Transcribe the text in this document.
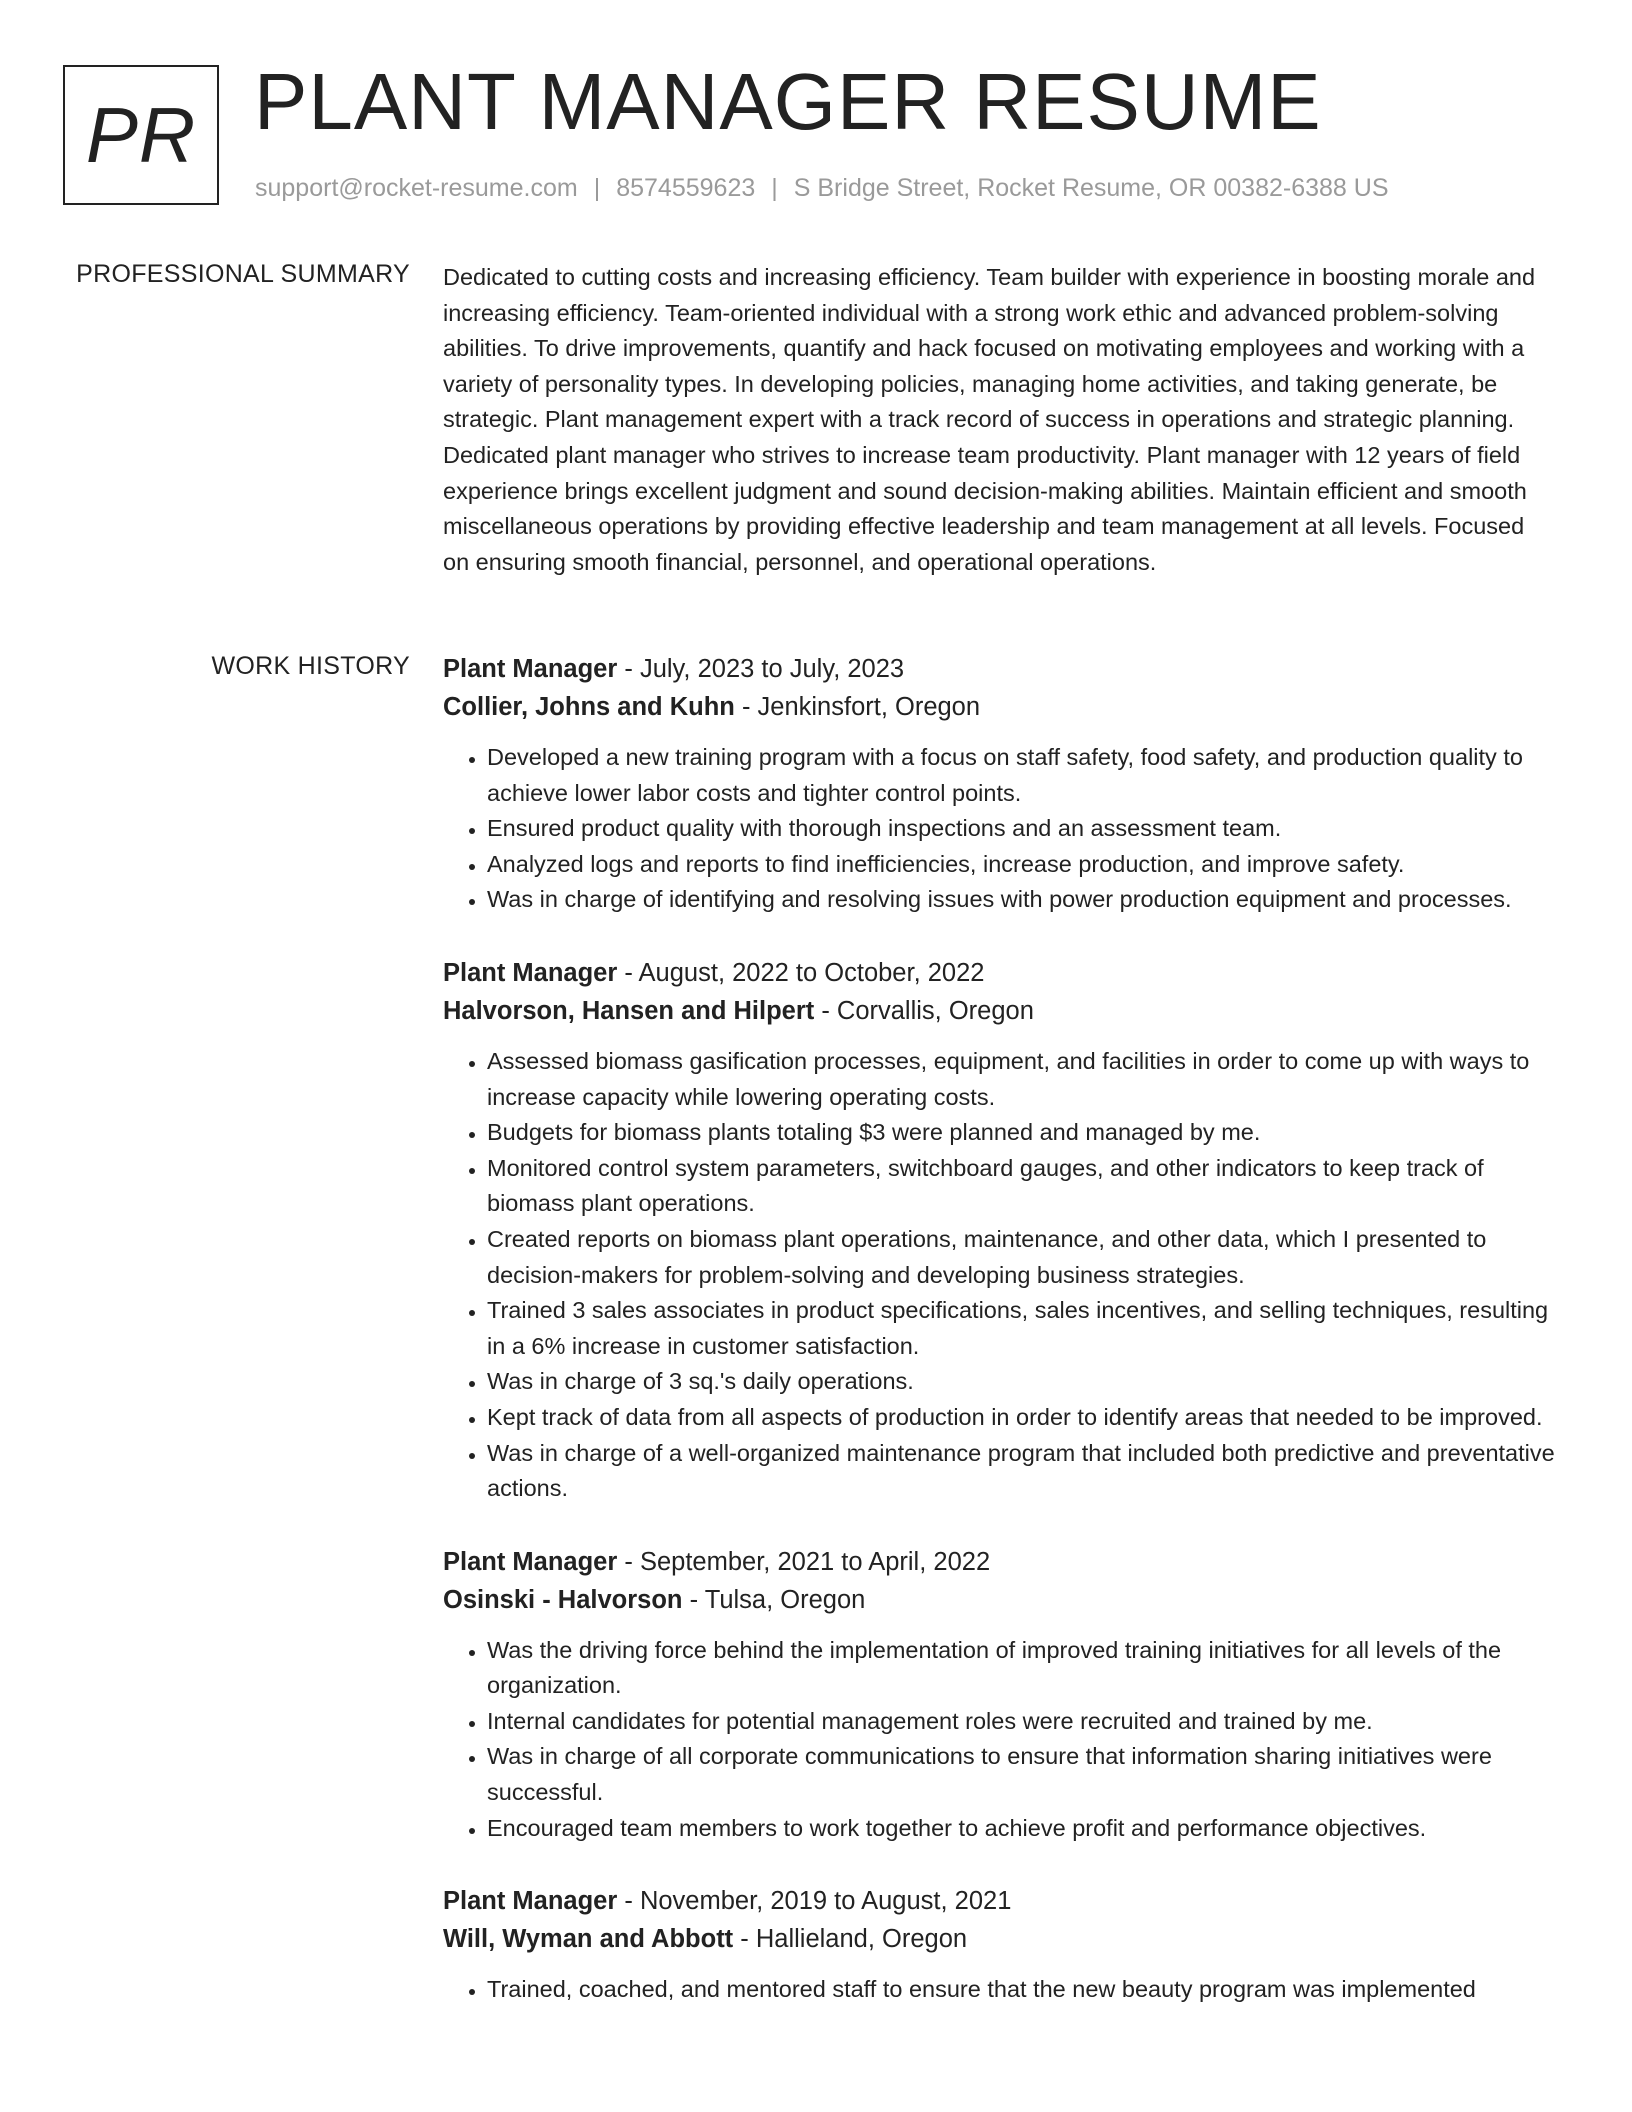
PR PLANT MANAGER RESUME
support@rocket-resume.com | 8574559623 | S Bridge Street, Rocket Resume, OR 00382-6388 US
PROFESSIONAL SUMMARY Dedicated to cutting costs and increasing efficiency. Team builder with experience in boosting morale and increasing efficiency. Team-oriented individual with a strong work ethic and advanced problem-solving abilities. To drive improvements, quantify and hack focused on motivating employees and working with a variety of personality types. In developing policies, managing home activities, and taking generate, be strategic. Plant management expert with a track record of success in operations and strategic planning. Dedicated plant manager who strives to increase team productivity. Plant manager with 12 years of field experience brings excellent judgment and sound decision-making abilities. Maintain efficient and smooth miscellaneous operations by providing effective leadership and team management at all levels. Focused on ensuring smooth financial, personnel, and operational operations.

WORK HISTORY Plant Manager - July, 2023 to July, 2023
Collier, Johns and Kuhn - Jenkinsfort, Oregon
• Developed a new training program with a focus on staff safety, food safety, and production quality to achieve lower labor costs and tighter control points.
• Ensured product quality with thorough inspections and an assessment team.
• Analyzed logs and reports to find inefficiencies, increase production, and improve safety.
• Was in charge of identifying and resolving issues with power production equipment and processes.
Plant Manager - August, 2022 to October, 2022
Halvorson, Hansen and Hilpert - Corvallis, Oregon
• Assessed biomass gasification processes, equipment, and facilities in order to come up with ways to increase capacity while lowering operating costs.
• Budgets for biomass plants totaling $3 were planned and managed by me.
• Monitored control system parameters, switchboard gauges, and other indicators to keep track of biomass plant operations.
• Created reports on biomass plant operations, maintenance, and other data, which I presented to decision-makers for problem-solving and developing business strategies.
• Trained 3 sales associates in product specifications, sales incentives, and selling techniques, resulting in a 6% increase in customer satisfaction.
• Was in charge of 3 sq.'s daily operations.
• Kept track of data from all aspects of production in order to identify areas that needed to be improved.
• Was in charge of a well-organized maintenance program that included both predictive and preventative actions.
Plant Manager - September, 2021 to April, 2022
Osinski - Halvorson - Tulsa, Oregon
• Was the driving force behind the implementation of improved training initiatives for all levels of the organization.
• Internal candidates for potential management roles were recruited and trained by me.
• Was in charge of all corporate communications to ensure that information sharing initiatives were successful.
• Encouraged team members to work together to achieve profit and performance objectives.
Plant Manager - November, 2019 to August, 2021
Will, Wyman and Abbott - Hallieland, Oregon
• Trained, coached, and mentored staff to ensure that the new beauty program was implemented
